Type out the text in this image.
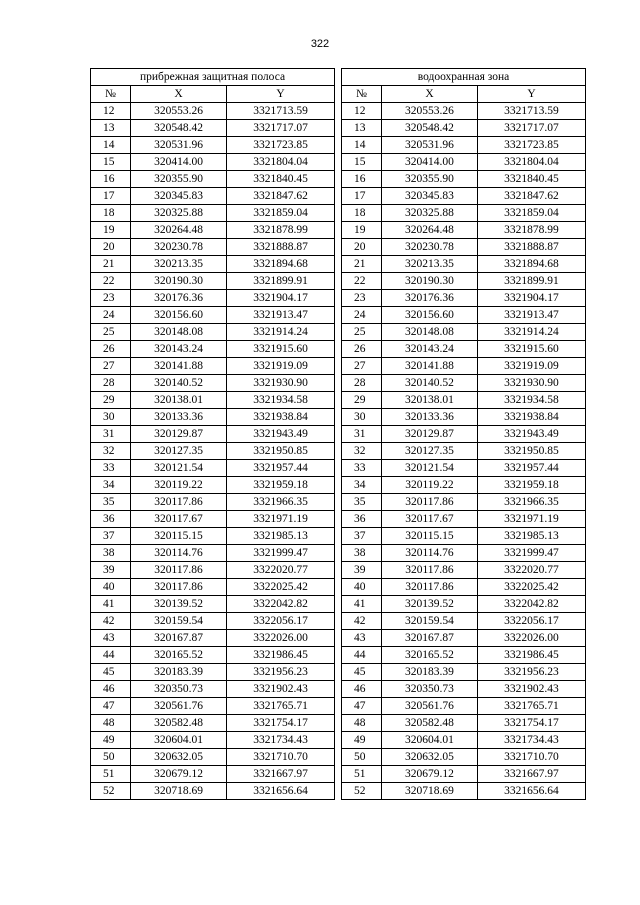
322
прибрежная защитная полоса		
№	X	Y
12	320553.26	3321713.59
13	320548.42	3321717.07
14	320531.96	3321723.85
15	320414.00	3321804.04
16	320355.90	3321840.45
17	320345.83	3321847.62
18	320325.88	3321859.04
19	320264.48	3321878.99
20	320230.78	3321888.87
21	320213.35	3321894.68
22	320190.30	3321899.91
23	320176.36	3321904.17
24	320156.60	3321913.47
25	320148.08	3321914.24
26	320143.24	3321915.60
27	320141.88	3321919.09
28	320140.52	3321930.90
29	320138.01	3321934.58
30	320133.36	3321938.84
31	320129.87	3321943.49
32	320127.35	3321950.85
33	320121.54	3321957.44
34	320119.22	3321959.18
35	320117.86	3321966.35
36	320117.67	3321971.19
37	320115.15	3321985.13
38	320114.76	3321999.47
39	320117.86	3322020.77
40	320117.86	3322025.42
41	320139.52	3322042.82
42	320159.54	3322056.17
43	320167.87	3322026.00
44	320165.52	3321986.45
45	320183.39	3321956.23
46	320350.73	3321902.43
47	320561.76	3321765.71
48	320582.48	3321754.17
49	320604.01	3321734.43
50	320632.05	3321710.70
51	320679.12	3321667.97
52	320718.69	3321656.64
водоохранная зона		
№	X	Y
12	320553.26	3321713.59
13	320548.42	3321717.07
14	320531.96	3321723.85
15	320414.00	3321804.04
16	320355.90	3321840.45
17	320345.83	3321847.62
18	320325.88	3321859.04
19	320264.48	3321878.99
20	320230.78	3321888.87
21	320213.35	3321894.68
22	320190.30	3321899.91
23	320176.36	3321904.17
24	320156.60	3321913.47
25	320148.08	3321914.24
26	320143.24	3321915.60
27	320141.88	3321919.09
28	320140.52	3321930.90
29	320138.01	3321934.58
30	320133.36	3321938.84
31	320129.87	3321943.49
32	320127.35	3321950.85
33	320121.54	3321957.44
34	320119.22	3321959.18
35	320117.86	3321966.35
36	320117.67	3321971.19
37	320115.15	3321985.13
38	320114.76	3321999.47
39	320117.86	3322020.77
40	320117.86	3322025.42
41	320139.52	3322042.82
42	320159.54	3322056.17
43	320167.87	3322026.00
44	320165.52	3321986.45
45	320183.39	3321956.23
46	320350.73	3321902.43
47	320561.76	3321765.71
48	320582.48	3321754.17
49	320604.01	3321734.43
50	320632.05	3321710.70
51	320679.12	3321667.97
52	320718.69	3321656.64
